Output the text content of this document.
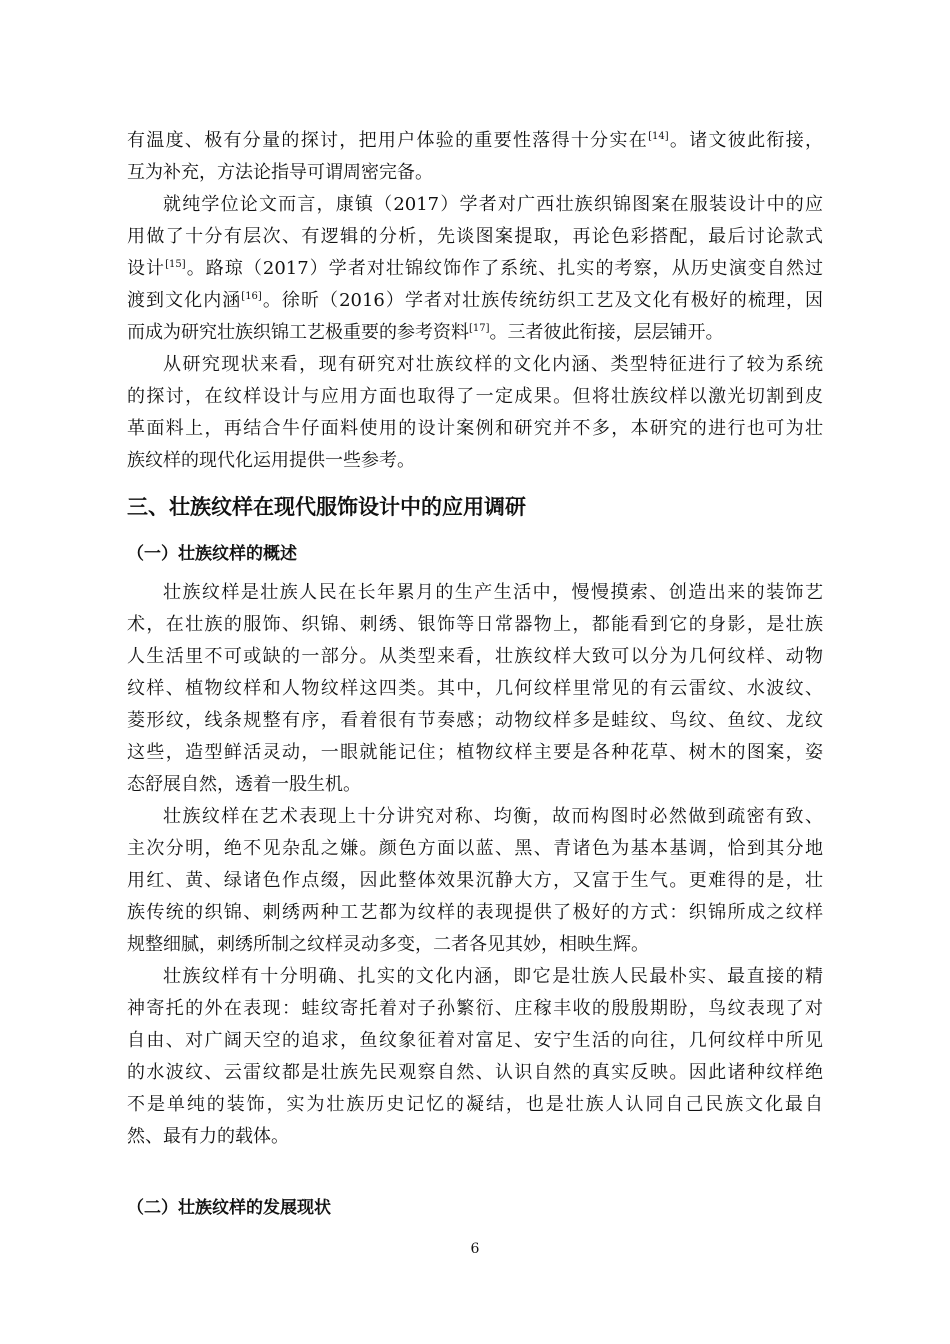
有温度、极有分量的探讨，把用户体验的重要性落得十分实在[14]。诸文彼此衔接，
互为补充，方法论指导可谓周密完备。
就纯学位论文而言，康镇（2017）学者对广西壮族织锦图案在服装设计中的应
用做了十分有层次、有逻辑的分析，先谈图案提取，再论色彩搭配，最后讨论款式
设计[15]。路琼（2017）学者对壮锦纹饰作了系统、扎实的考察，从历史演变自然过
渡到文化内涵[16]。徐昕（2016）学者对壮族传统纺织工艺及文化有极好的梳理，因
而成为研究壮族织锦工艺极重要的参考资料[17]。三者彼此衔接，层层铺开。
从研究现状来看，现有研究对壮族纹样的文化内涵、类型特征进行了较为系统
的探讨，在纹样设计与应用方面也取得了一定成果。但将壮族纹样以激光切割到皮
革面料上，再结合牛仔面料使用的设计案例和研究并不多，本研究的进行也可为壮
族纹样的现代化运用提供一些参考。
三、壮族纹样在现代服饰设计中的应用调研
（一）壮族纹样的概述
壮族纹样是壮族人民在长年累月的生产生活中，慢慢摸索、创造出来的装饰艺
术，在壮族的服饰、织锦、刺绣、银饰等日常器物上，都能看到它的身影，是壮族
人生活里不可或缺的一部分。从类型来看，壮族纹样大致可以分为几何纹样、动物
纹样、植物纹样和人物纹样这四类。其中，几何纹样里常见的有云雷纹、水波纹、
菱形纹，线条规整有序，看着很有节奏感；动物纹样多是蛙纹、鸟纹、鱼纹、龙纹
这些，造型鲜活灵动，一眼就能记住；植物纹样主要是各种花草、树木的图案，姿
态舒展自然，透着一股生机。
壮族纹样在艺术表现上十分讲究对称、均衡，故而构图时必然做到疏密有致、
主次分明，绝不见杂乱之嫌。颜色方面以蓝、黑、青诸色为基本基调，恰到其分地
用红、黄、绿诸色作点缀，因此整体效果沉静大方，又富于生气。更难得的是，壮
族传统的织锦、刺绣两种工艺都为纹样的表现提供了极好的方式：织锦所成之纹样
规整细腻，刺绣所制之纹样灵动多变，二者各见其妙，相映生辉。
壮族纹样有十分明确、扎实的文化内涵，即它是壮族人民最朴实、最直接的精
神寄托的外在表现：蛙纹寄托着对子孙繁衍、庄稼丰收的殷殷期盼，鸟纹表现了对
自由、对广阔天空的追求，鱼纹象征着对富足、安宁生活的向往，几何纹样中所见
的水波纹、云雷纹都是壮族先民观察自然、认识自然的真实反映。因此诸种纹样绝
不是单纯的装饰，实为壮族历史记忆的凝结，也是壮族人认同自己民族文化最自
然、最有力的载体。
（二）壮族纹样的发展现状
6
